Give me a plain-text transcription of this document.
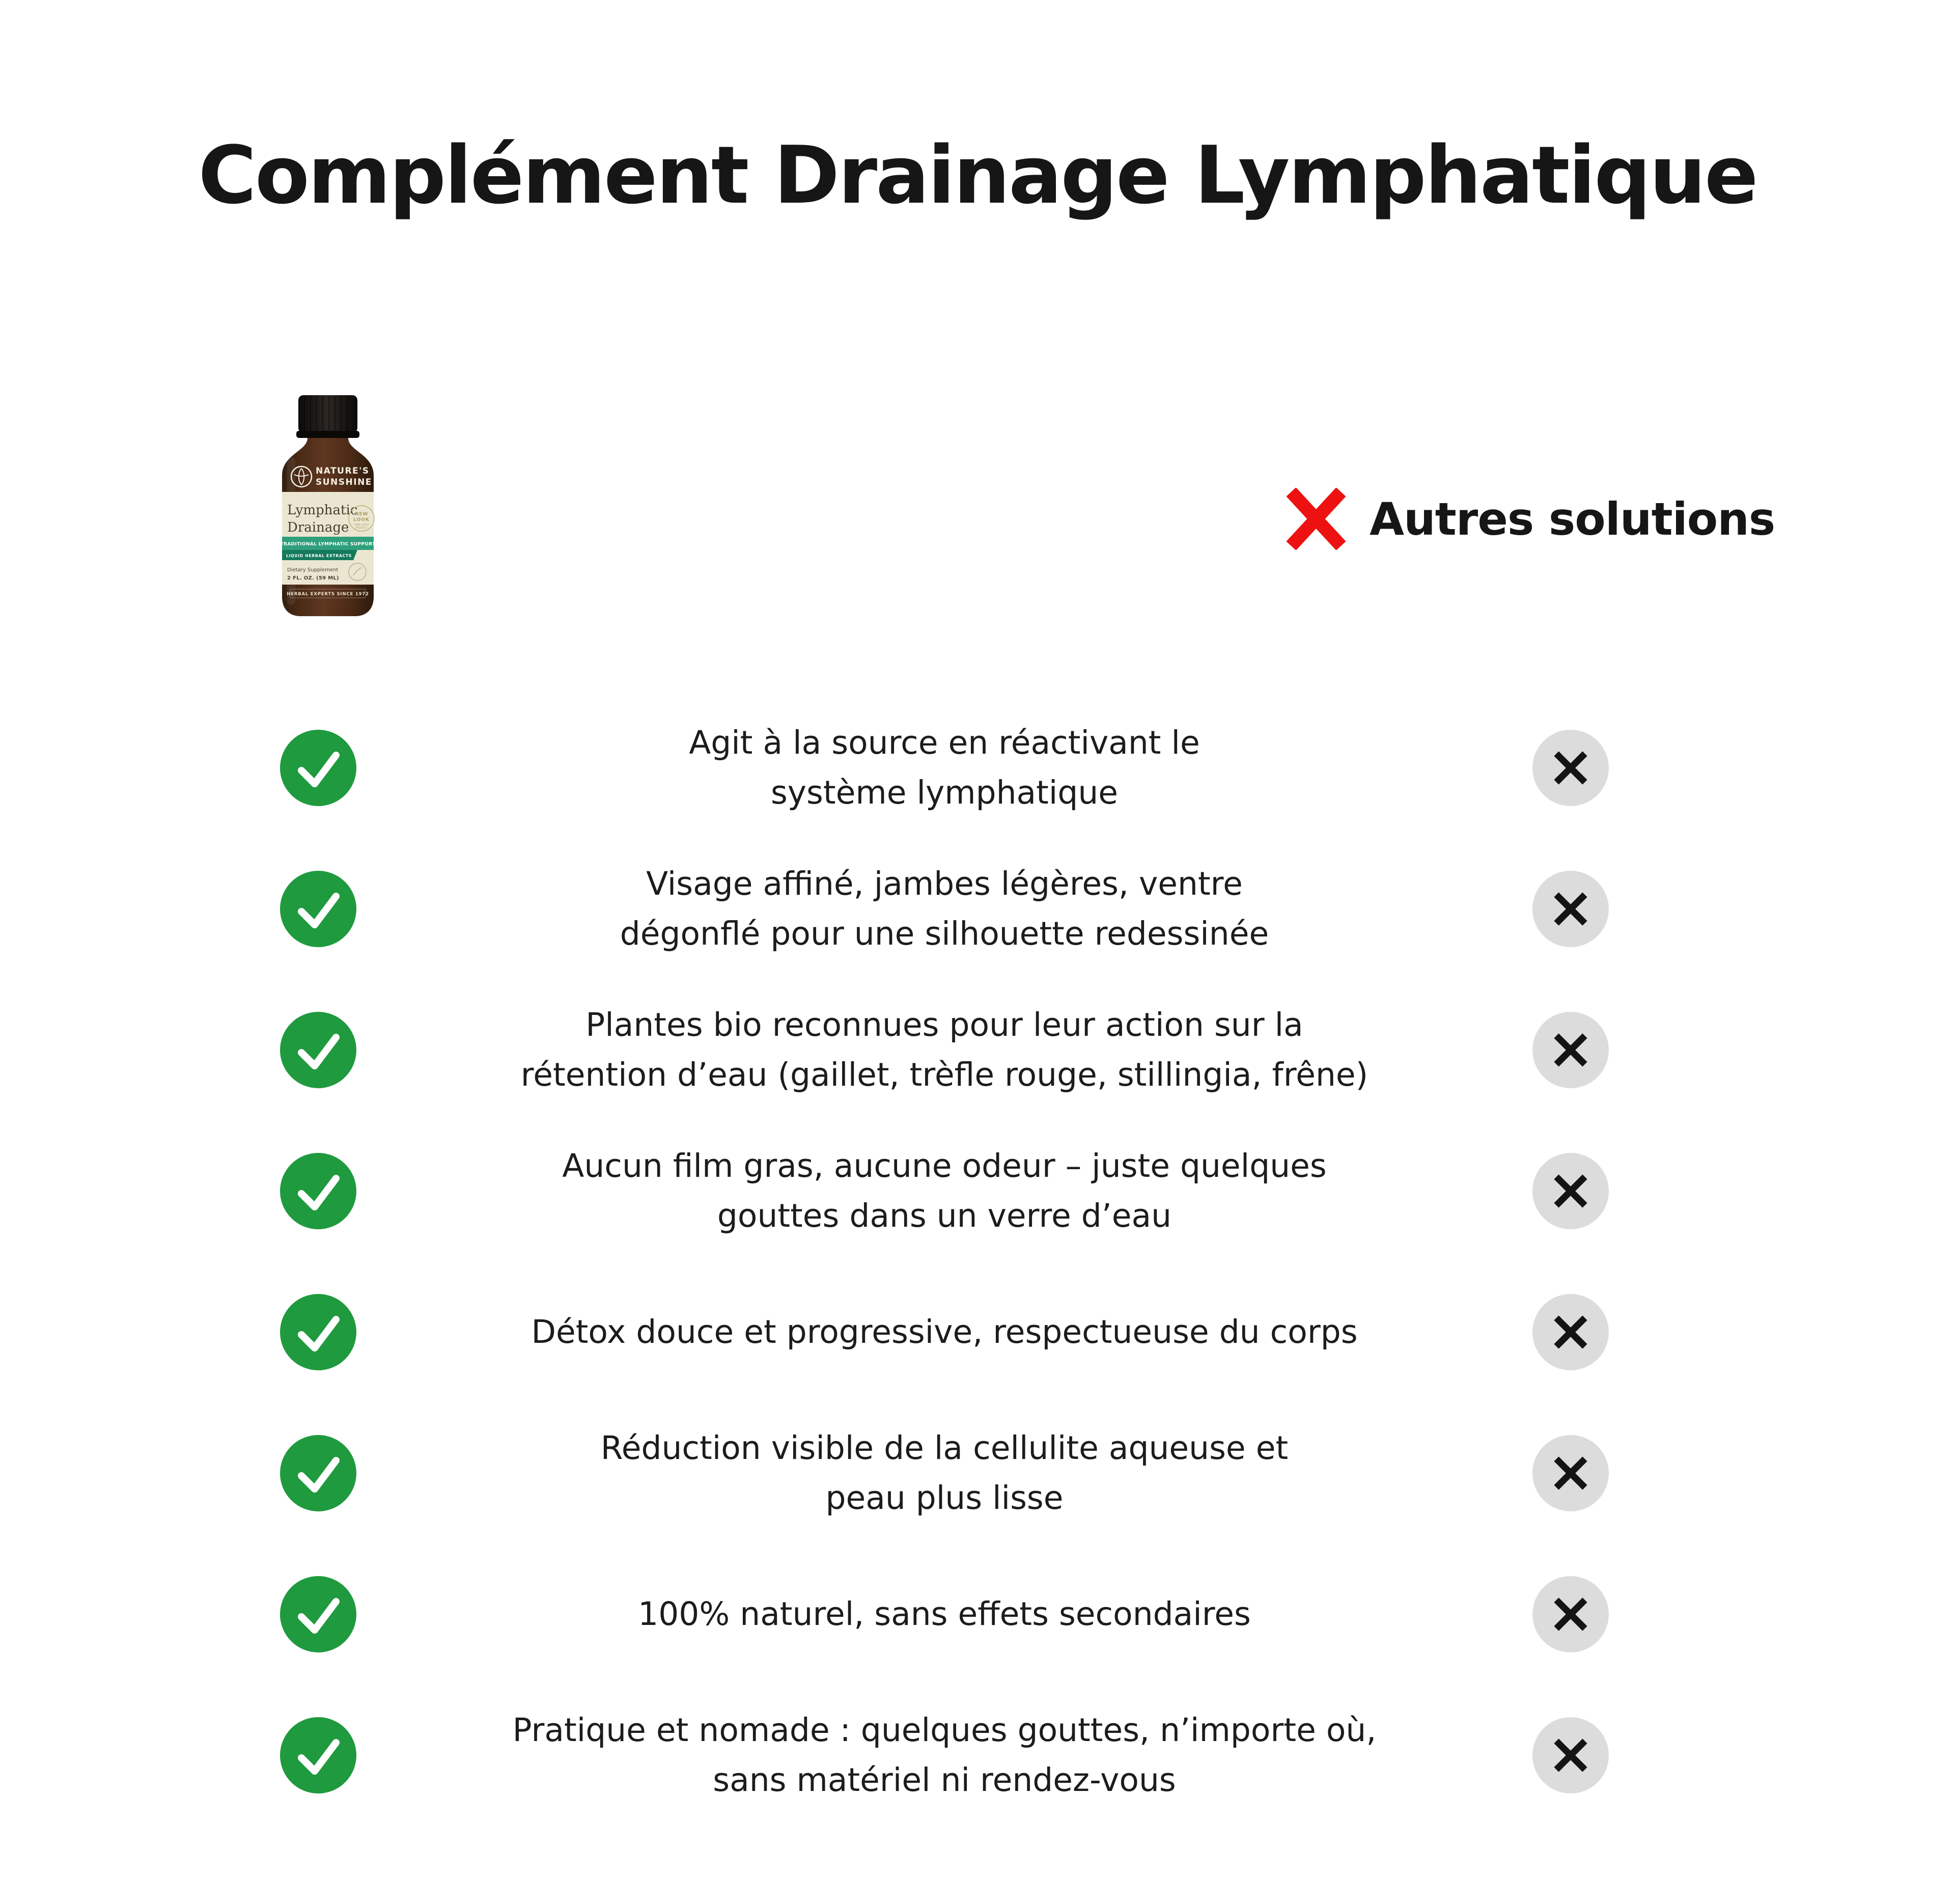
Complément Drainage Lymphatique
NATURE'S
SUNSHINE
Lymphatic
Drainage
NEW
LOOK
SAME GREAT
PRODUCT
TRADITIONAL LYMPHATIC SUPPORT
LIQUID HERBAL EXTRACTS
Dietary Supplement
2 FL. OZ. (59 ML)
HERBAL EXPERTS SINCE 1972
Autres solutions
Agit à la source en réactivant le
système lymphatique
Visage affiné, jambes légères, ventre
dégonflé pour une silhouette redessinée
Plantes bio reconnues pour leur action sur la
rétention d’eau (gaillet, trèfle rouge, stillingia, frêne)
Aucun film gras, aucune odeur – juste quelques
gouttes dans un verre d’eau
Détox douce et progressive, respectueuse du corps
Réduction visible de la cellulite aqueuse et
peau plus lisse
100% naturel, sans effets secondaires
Pratique et nomade : quelques gouttes, n’importe où,
sans matériel ni rendez-vous
